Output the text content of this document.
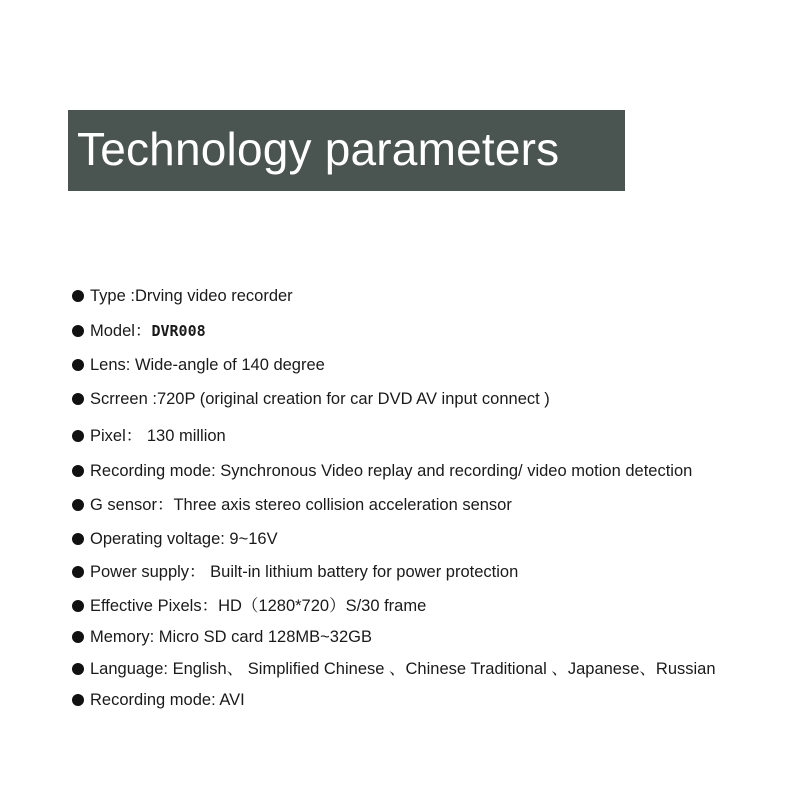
Technology parameters
Type :Drving video recorder
Model： DVR008
Lens: Wide-angle of 140 degree
Scrreen :720P (original creation for car DVD AV input connect )
Pixel： 130 million
Recording mode: Synchronous Video replay and recording/ video motion detection
G sensor：Three axis stereo collision acceleration sensor
Operating voltage: 9~16V
Power supply： Built-in lithium battery for power protection
Effective Pixels：HD（1280*720）S/30 frame
Memory: Micro SD card 128MB~32GB
Language: English、 Simplified Chinese 、Chinese Traditional 、Japanese、Russian
Recording mode: AVI
